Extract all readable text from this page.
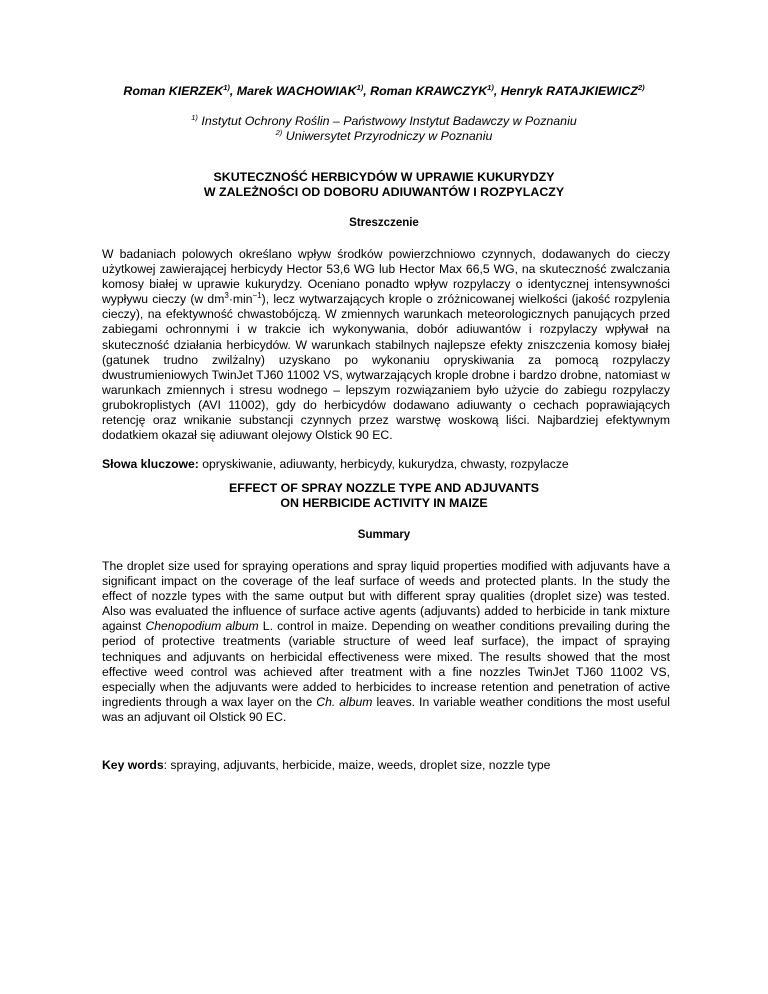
Roman KIERZEK$^{1)}$, Marek WACHOWIAK$^{1)}$, Roman KRAWCZYK$^{1)}$, Henryk RATAJKIEWICZ$^{2)}$
$^{1)}$ Instytut Ochrony Roślin – Państwowy Instytut Badawczy w Poznaniu
$^{2)}$ Uniwersytet Przyrodniczy w Poznaniu
SKUTECZNOŚĆ HERBICYDÓW W UPRAWIE KUKURYDZY
W ZALEŻNOŚCI OD DOBORU ADIUWANTÓW I ROZPYLACZY
Streszczenie

W badaniach polowych określano wpływ środków powierzchniowo czynnych, dodawanych do cieczy użytkowej zawierającej herbicydy Hector 53,6 WG lub Hector Max 66,5 WG, na skuteczność zwalczania komosy białej w uprawie kukurydzy. Oceniano ponadto wpływ rozpylaczy o identycznej intensywności wypływu cieczy (w $dm^3\cdot\min^{-1}$), lecz wytwarzających krople o zróżnicowanej wielkości (jakość rozpylenia cieczy), na efektywność chwastobójczą. W zmiennych warunkach meteorologicznych panujących przed zabiegami ochronnymi i w trakcie ich wykonywania, dobór adiuwantów i rozpylaczy wpływał na skuteczność działania herbicydów. W warunkach stabilnych najlepsze efekty zniszczenia komosy białej (gatunek trudno zwilżalny) uzyskano po wykonaniu opryskiwania za pomocą rozpylaczy dwustrumieniowych TwinJet TJ60 11002 VS, wytwarzających krople drobne i bardzo drobne, natomiast w warunkach zmiennych i stresu wodnego – lepszym rozwiązaniem było użycie do zabiegu rozpylaczy grubokroplistych (AVI 11002), gdy do herbicydów dodawano adiuwanty o cechach poprawiających retencję oraz wnikanie substancji czynnych przez warstwę woskową liści. Najbardziej efektywnym dodatkiem okazał się adiuwant olejowy Olstick 90 EC.

Słowa kluczowe: opryskiwanie, adiuwanty, herbicydy, kukurydza, chwasty, rozpylacze

EFFECT OF SPRAY NOZZLE TYPE AND ADJUVANTS
ON HERBICIDE ACTIVITY IN MAIZE
Summary

The droplet size used for spraying operations and spray liquid properties modified with adjuvants have a significant impact on the coverage of the leaf surface of weeds and protected plants. In the study the effect of nozzle types with the same output but with different spray qualities (droplet size) was tested. Also was evaluated the influence of surface active agents (adjuvants) added to herbicide in tank mixture against Chenopodium album L. control in maize. Depending on weather conditions prevailing during the period of protective treatments (variable structure of weed leaf surface), the impact of spraying techniques and adjuvants on herbicidal effectiveness were mixed. The results showed that the most effective weed control was achieved after treatment with a fine nozzles TwinJet TJ60 11002 VS, especially when the adjuvants were added to herbicides to increase retention and penetration of active ingredients through a wax layer on the Ch. album leaves. In variable weather conditions the most useful was an adjuvant oil Olstick 90 EC.

Key words: spraying, adjuvants, herbicide, maize, weeds, droplet size, nozzle type
